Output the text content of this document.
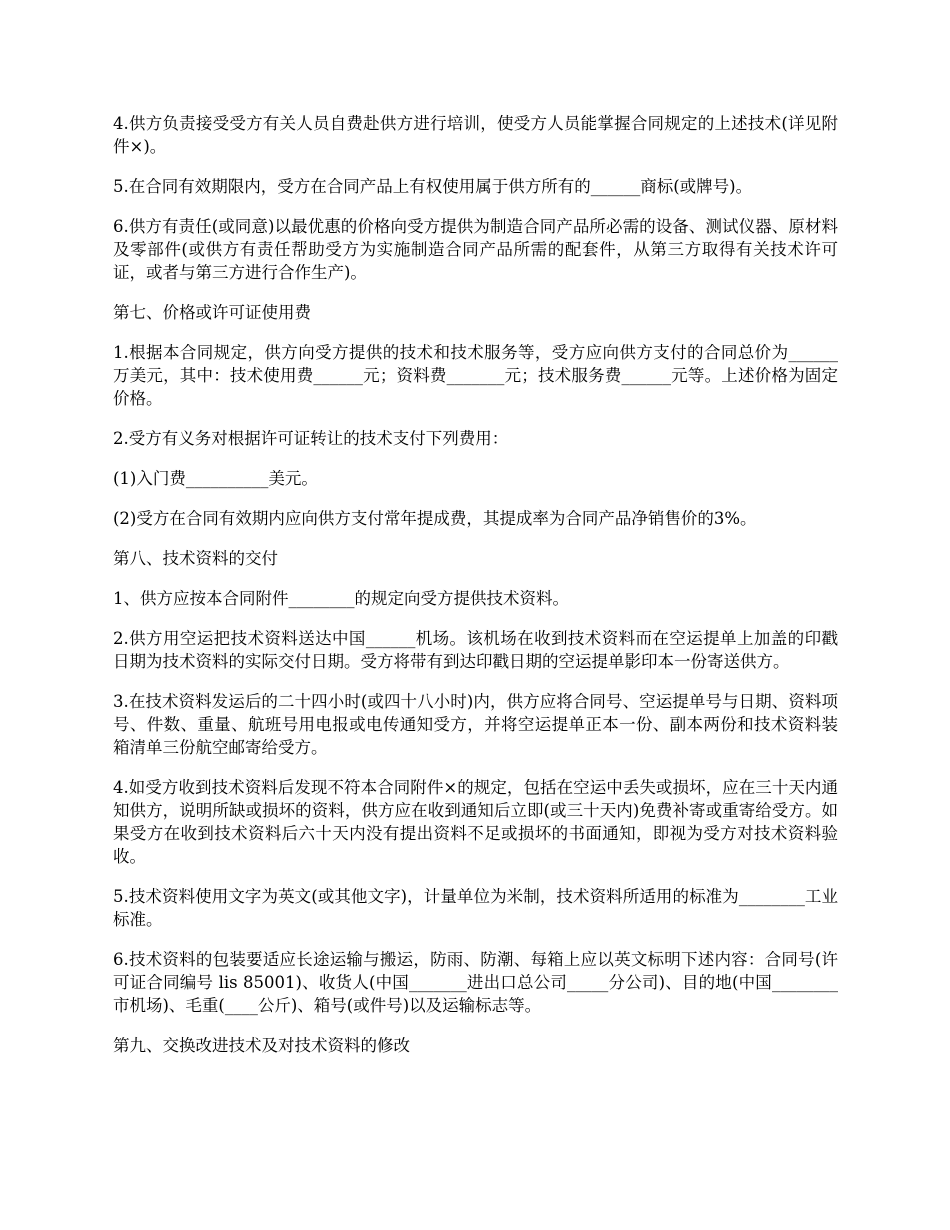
4.供方负责接受受方有关人员自费赴供方进行培训，使受方人员能掌握合同规定的上述技术(详见附件×)。

5.在合同有效期限内，受方在合同产品上有权使用属于供方所有的______商标(或牌号)。

6.供方有责任(或同意)以最优惠的价格向受方提供为制造合同产品所必需的设备、测试仪器、原材料及零部件(或供方有责任帮助受方为实施制造合同产品所需的配套件，从第三方取得有关技术许可证，或者与第三方进行合作生产)。

第七、价格或许可证使用费

1.根据本合同规定，供方向受方提供的技术和技术服务等，受方应向供方支付的合同总价为______万美元，其中：技术使用费______元；资料费_______元；技术服务费______元等。上述价格为固定价格。

2.受方有义务对根据许可证转让的技术支付下列费用：

(1)入门费__________美元。

(2)受方在合同有效期内应向供方支付常年提成费，其提成率为合同产品净销售价的3%。

第八、技术资料的交付

1、供方应按本合同附件________的规定向受方提供技术资料。

2.供方用空运把技术资料送达中国______机场。该机场在收到技术资料而在空运提单上加盖的印戳日期为技术资料的实际交付日期。受方将带有到达印戳日期的空运提单影印本一份寄送供方。

3.在技术资料发运后的二十四小时(或四十八小时)内，供方应将合同号、空运提单号与日期、资料项号、件数、重量、航班号用电报或电传通知受方，并将空运提单正本一份、副本两份和技术资料装箱清单三份航空邮寄给受方。

4.如受方收到技术资料后发现不符本合同附件×的规定，包括在空运中丢失或损坏，应在三十天内通知供方，说明所缺或损坏的资料，供方应在收到通知后立即(或三十天内)免费补寄或重寄给受方。如果受方在收到技术资料后六十天内没有提出资料不足或损坏的书面通知，即视为受方对技术资料验收。

5.技术资料使用文字为英文(或其他文字)，计量单位为米制，技术资料所适用的标准为________工业标准。

6.技术资料的包装要适应长途运输与搬运，防雨、防潮、每箱上应以英文标明下述内容：合同号(许可证合同编号 lis 85001)、收货人(中国_______进出口总公司_____分公司)、目的地(中国________市机场)、毛重(____公斤)、箱号(或件号)以及运输标志等。

第九、交换改进技术及对技术资料的修改
